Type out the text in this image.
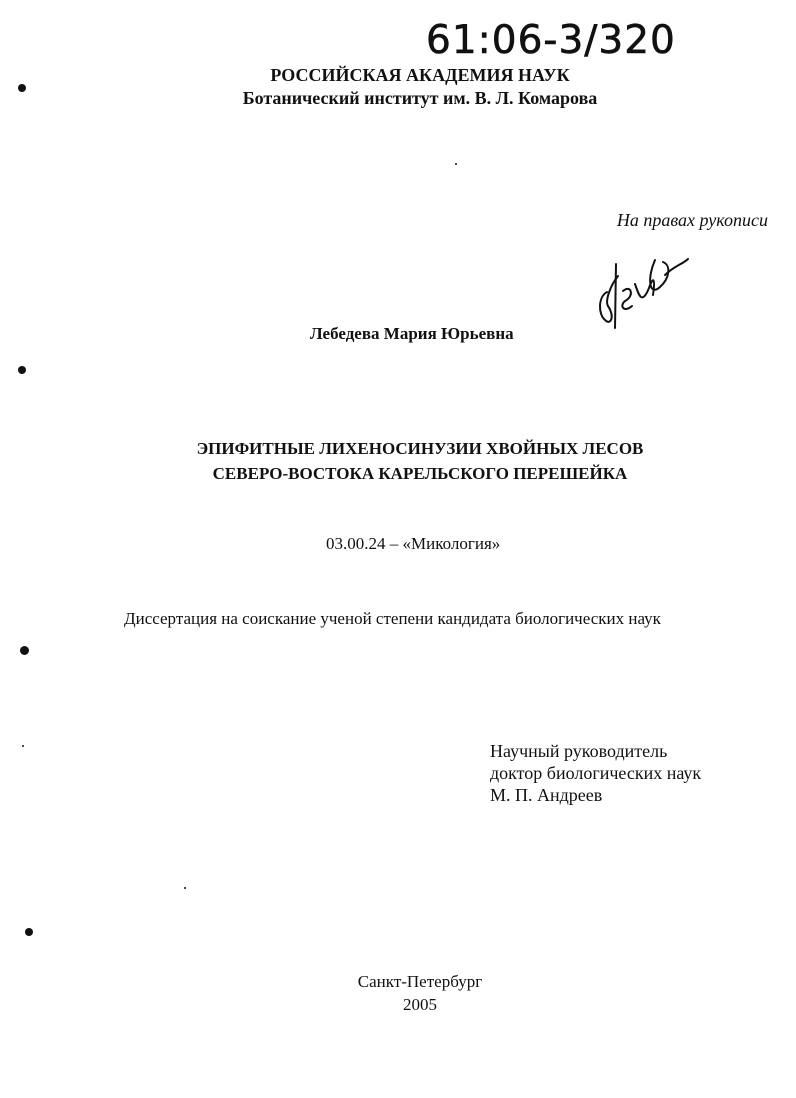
61:06-3/320
РОССИЙСКАЯ АКАДЕМИЯ НАУК
Ботанический институт им. В. Л. Комарова
На правах рукописи
Лебедева Мария Юрьевна
ЭПИФИТНЫЕ ЛИХЕНОСИНУЗИИ ХВОЙНЫХ ЛЕСОВ
СЕВЕРО-ВОСТОКА КАРЕЛЬСКОГО ПЕРЕШЕЙКА
03.00.24 – «Микология»
Диссертация на соискание ученой степени кандидата биологических наук
Научный руководитель
доктор биологических наук
М. П. Андреев
Санкт-Петербург
2005
